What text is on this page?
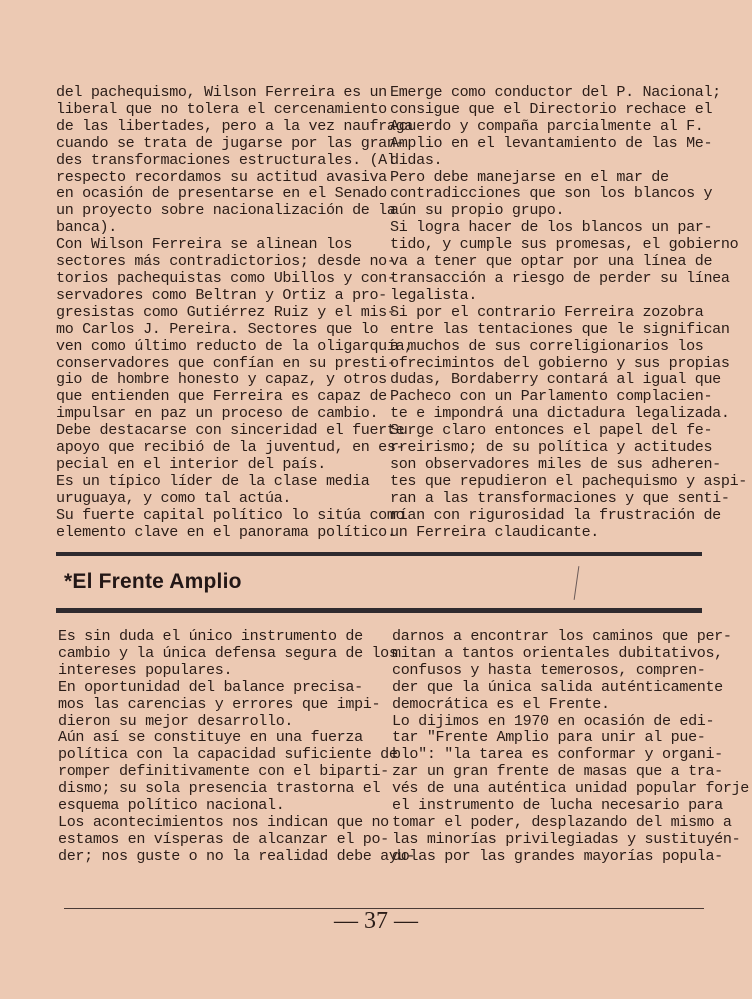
del pachequismo, Wilson Ferreira es un

liberal que no tolera el cercenamiento

de las libertades, pero a la vez naufraga

cuando se trata de jugarse por las gran-

des transformaciones estructurales. (Al

respecto recordamos su actitud avasiva

en ocasión de presentarse en el Senado

un proyecto sobre nacionalización de la

banca).

Con Wilson Ferreira se alinean los

sectores más contradictorios; desde no-

torios pachequistas como Ubillos y con-

servadores como Beltran y Ortiz a pro-

gresistas como Gutiérrez Ruiz y el mis-

mo Carlos J. Pereira. Sectores que lo

ven como último reducto de la oligarquía,

conservadores que confían en su presti-

gio de hombre honesto y capaz, y otros

que entienden que Ferreira es capaz de

impulsar en paz un proceso de cambio.

Debe destacarse con sinceridad el fuerte

apoyo que recibió de la juventud, en es-

pecial en el interior del país.

Es un típico líder de la clase media

uruguaya, y como tal actúa.

Su fuerte capital político lo sitúa como

elemento clave en el panorama político.

Emerge como conductor del P. Nacional;

consigue que el Directorio rechace el

Acuerdo y compaña parcialmente al F.

Amplio en el levantamiento de las Me-

didas.

Pero debe manejarse en el mar de

contradicciones que son los blancos y

aún su propio grupo.

Si logra hacer de los blancos un par-

tido, y cumple sus promesas, el gobierno

va a tener que optar por una línea de

transacción a riesgo de perder su línea

legalista.

Si por el contrario Ferreira zozobra

entre las tentaciones que le significan

a muchos de sus correligionarios los

ofrecimintos del gobierno y sus propias

dudas, Bordaberry contará al igual que

Pacheco con un Parlamento complacien-

te e impondrá una dictadura legalizada.

Surge claro entonces el papel del fe-

rreirismo; de su política y actitudes

son observadores miles de sus adheren-

tes que repudieron el pachequismo y aspi-

ran a las transformaciones y que senti-

rían con rigurosidad la frustración de

un Ferreira claudicante.

*El Frente Amplio

Es sin duda el único instrumento de

cambio y la única defensa segura de los

intereses populares.

En oportunidad del balance precisa-

mos las carencias y errores que impi-

dieron su mejor desarrollo.

Aún así se constituye en una fuerza

política con la capacidad suficiente de

romper definitivamente con el biparti-

dismo; su sola presencia trastorna el

esquema político nacional.

Los acontecimientos nos indican que no

estamos en vísperas de alcanzar el po-

der; nos guste o no la realidad debe ayu-

darnos a encontrar los caminos que per-

mitan a tantos orientales dubitativos,

confusos y hasta temerosos, compren-

der que la única salida auténticamente

democrática es el Frente.

Lo dijimos en 1970 en ocasión de edi-

tar "Frente Amplio para unir al pue-

blo": "la tarea es conformar y organi-

zar un gran frente de masas que a tra-

vés de una auténtica unidad popular forje

el instrumento de lucha necesario para

tomar el poder, desplazando del mismo a

las minorías privilegiadas y sustituyén-

dolas por las grandes mayorías popula-

— 37 —
